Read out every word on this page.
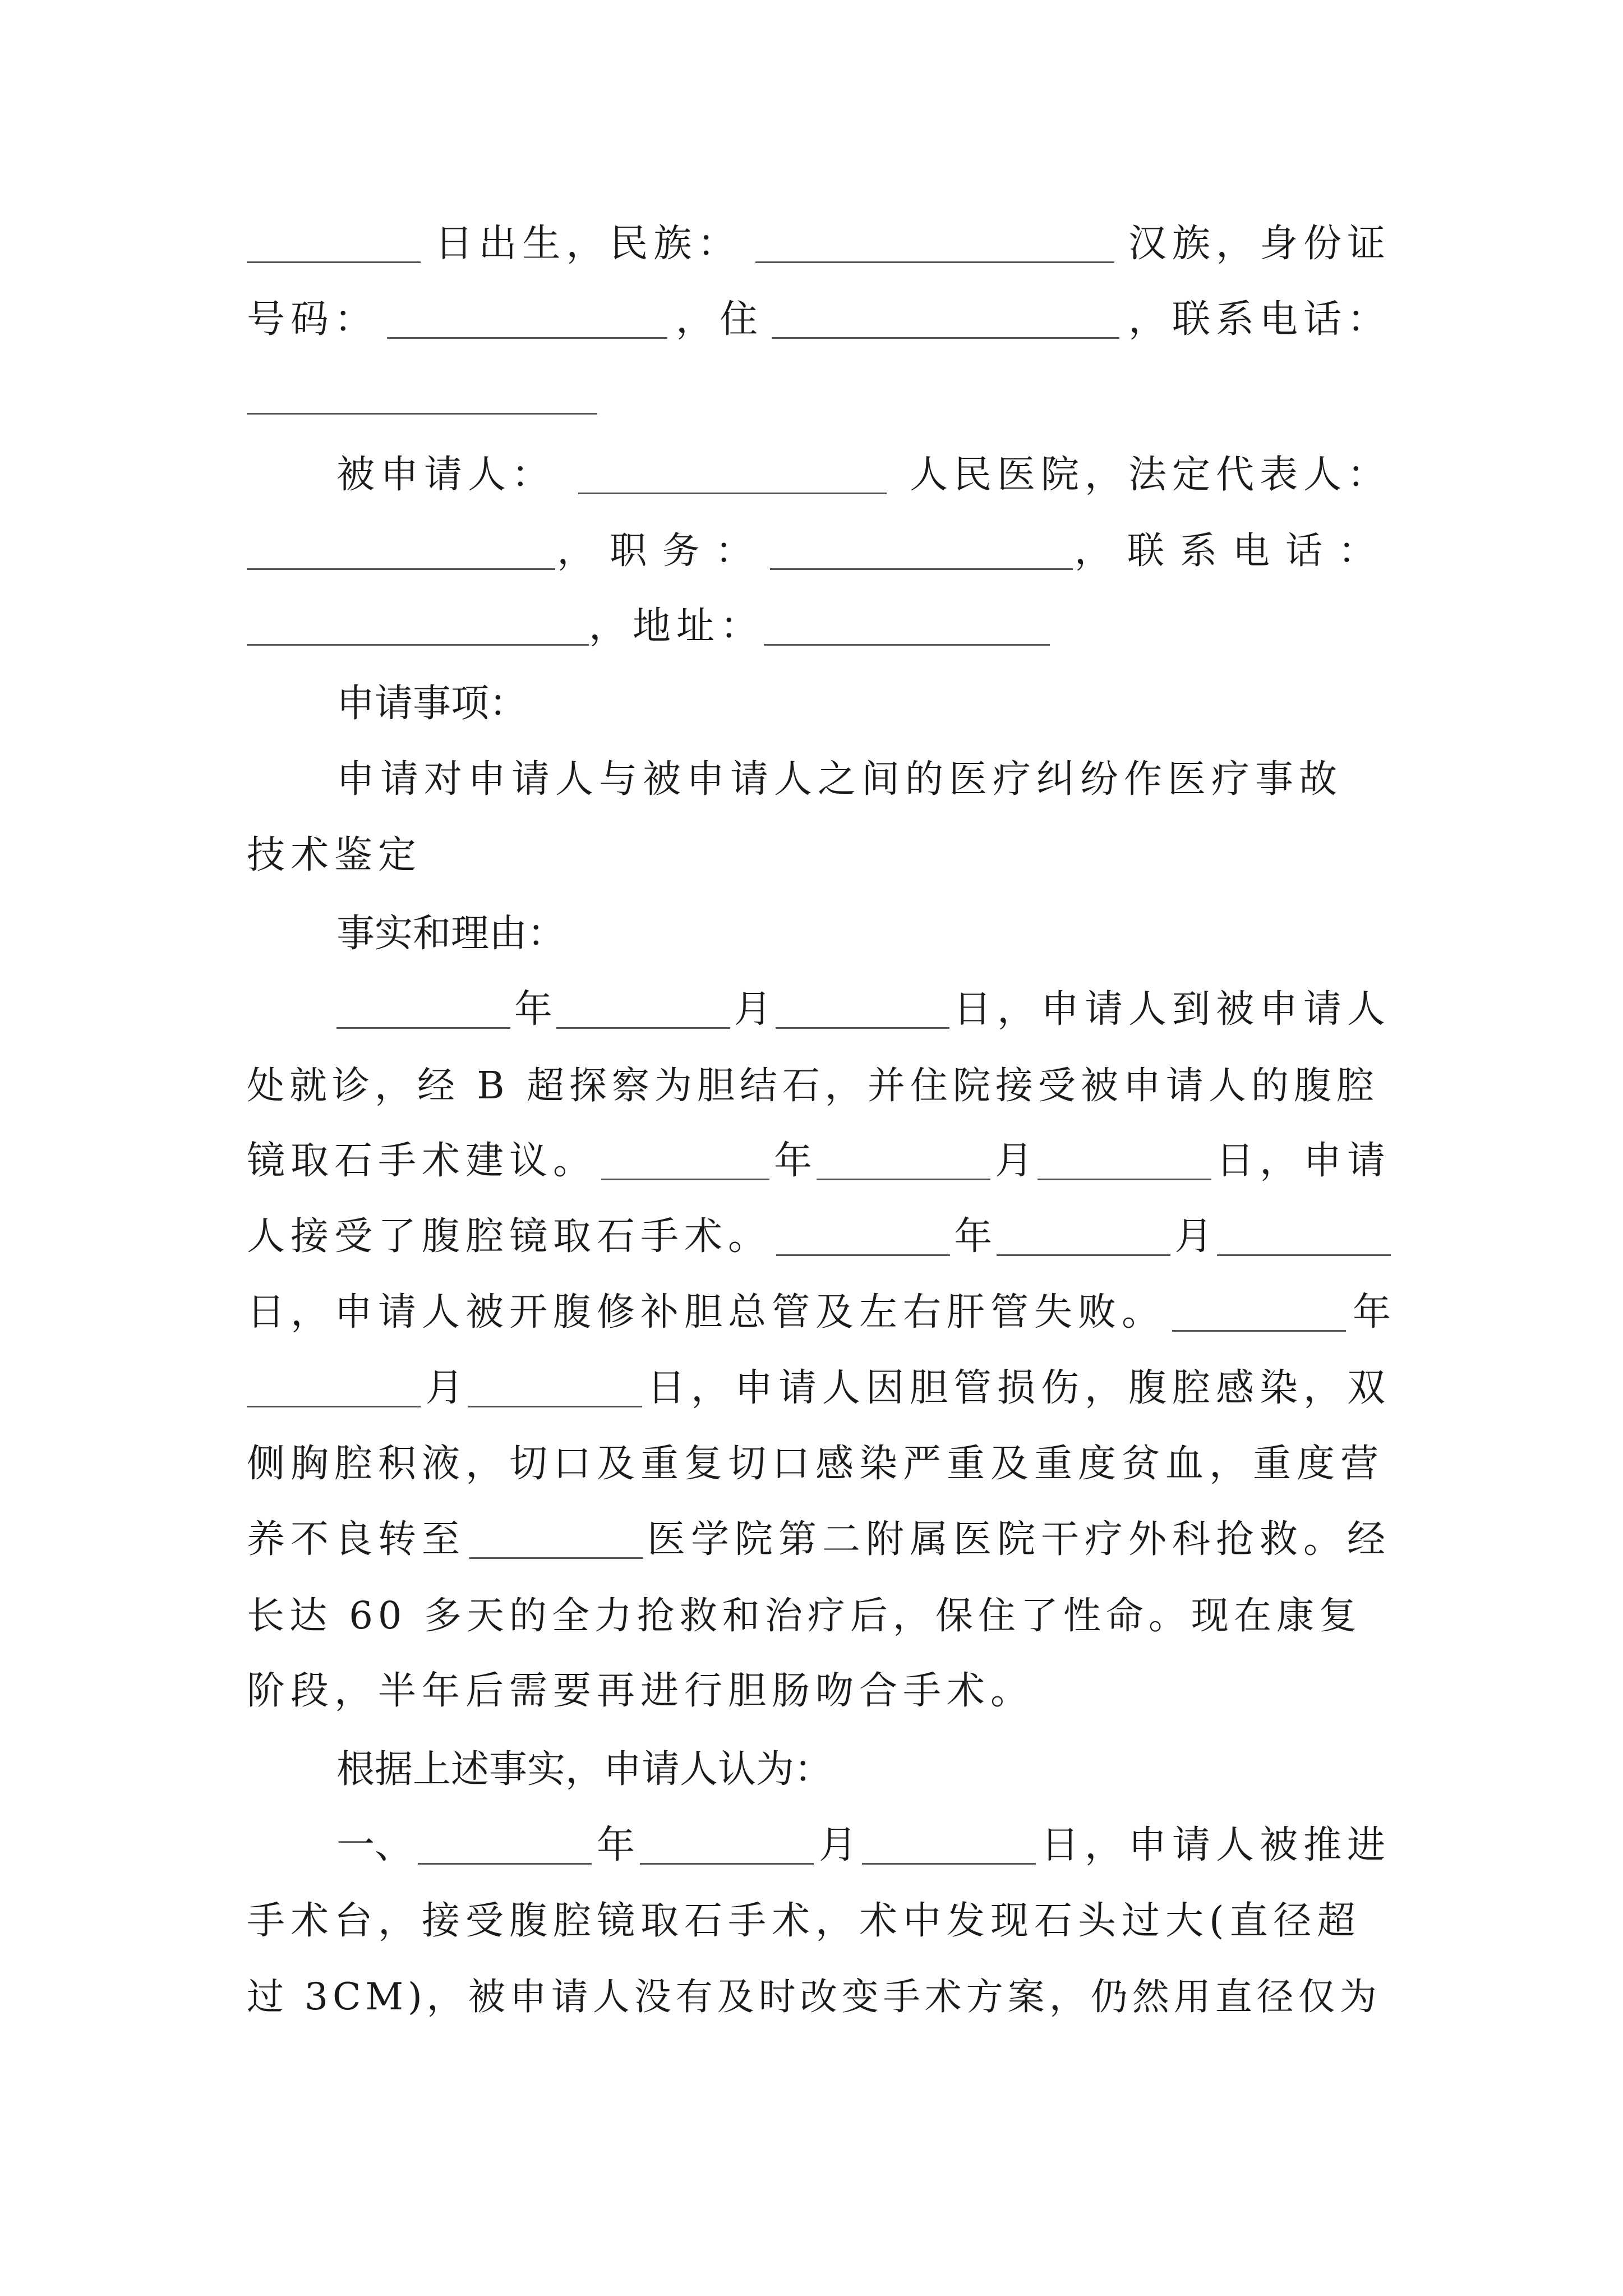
日出生，民族：	汉族，身份证
号码：	，住	，联系电话：
被申请人：	人民医院，法定代表人：
，职务：	，联系电话：
，地址：
申请事项：
申请对申请人与被申请人之间的医疗纠纷作医疗事故
技术鉴定
事实和理由：
年	月	日，申请人到被申请人
处就诊，经 B 超探察为胆结石，并住院接受被申请人的腹腔
镜取石手术建议。	年	月	日，申请
人接受了腹腔镜取石手术。	年	月
日，申请人被开腹修补胆总管及左右肝管失败。	年
月	日，申请人因胆管损伤，腹腔感染，双
侧胸腔积液，切口及重复切口感染严重及重度贫血，重度营
养不良转至	医学院第二附属医院干疗外科抢救。经
长达 60 多天的全力抢救和治疗后，保住了性命。现在康复
阶段，半年后需要再进行胆肠吻合手术。
根据上述事实，申请人认为：
一、	年	月	日，申请人被推进
手术台，接受腹腔镜取石手术，术中发现石头过大(直径超
过 3CM)，被申请人没有及时改变手术方案，仍然用直径仅为
